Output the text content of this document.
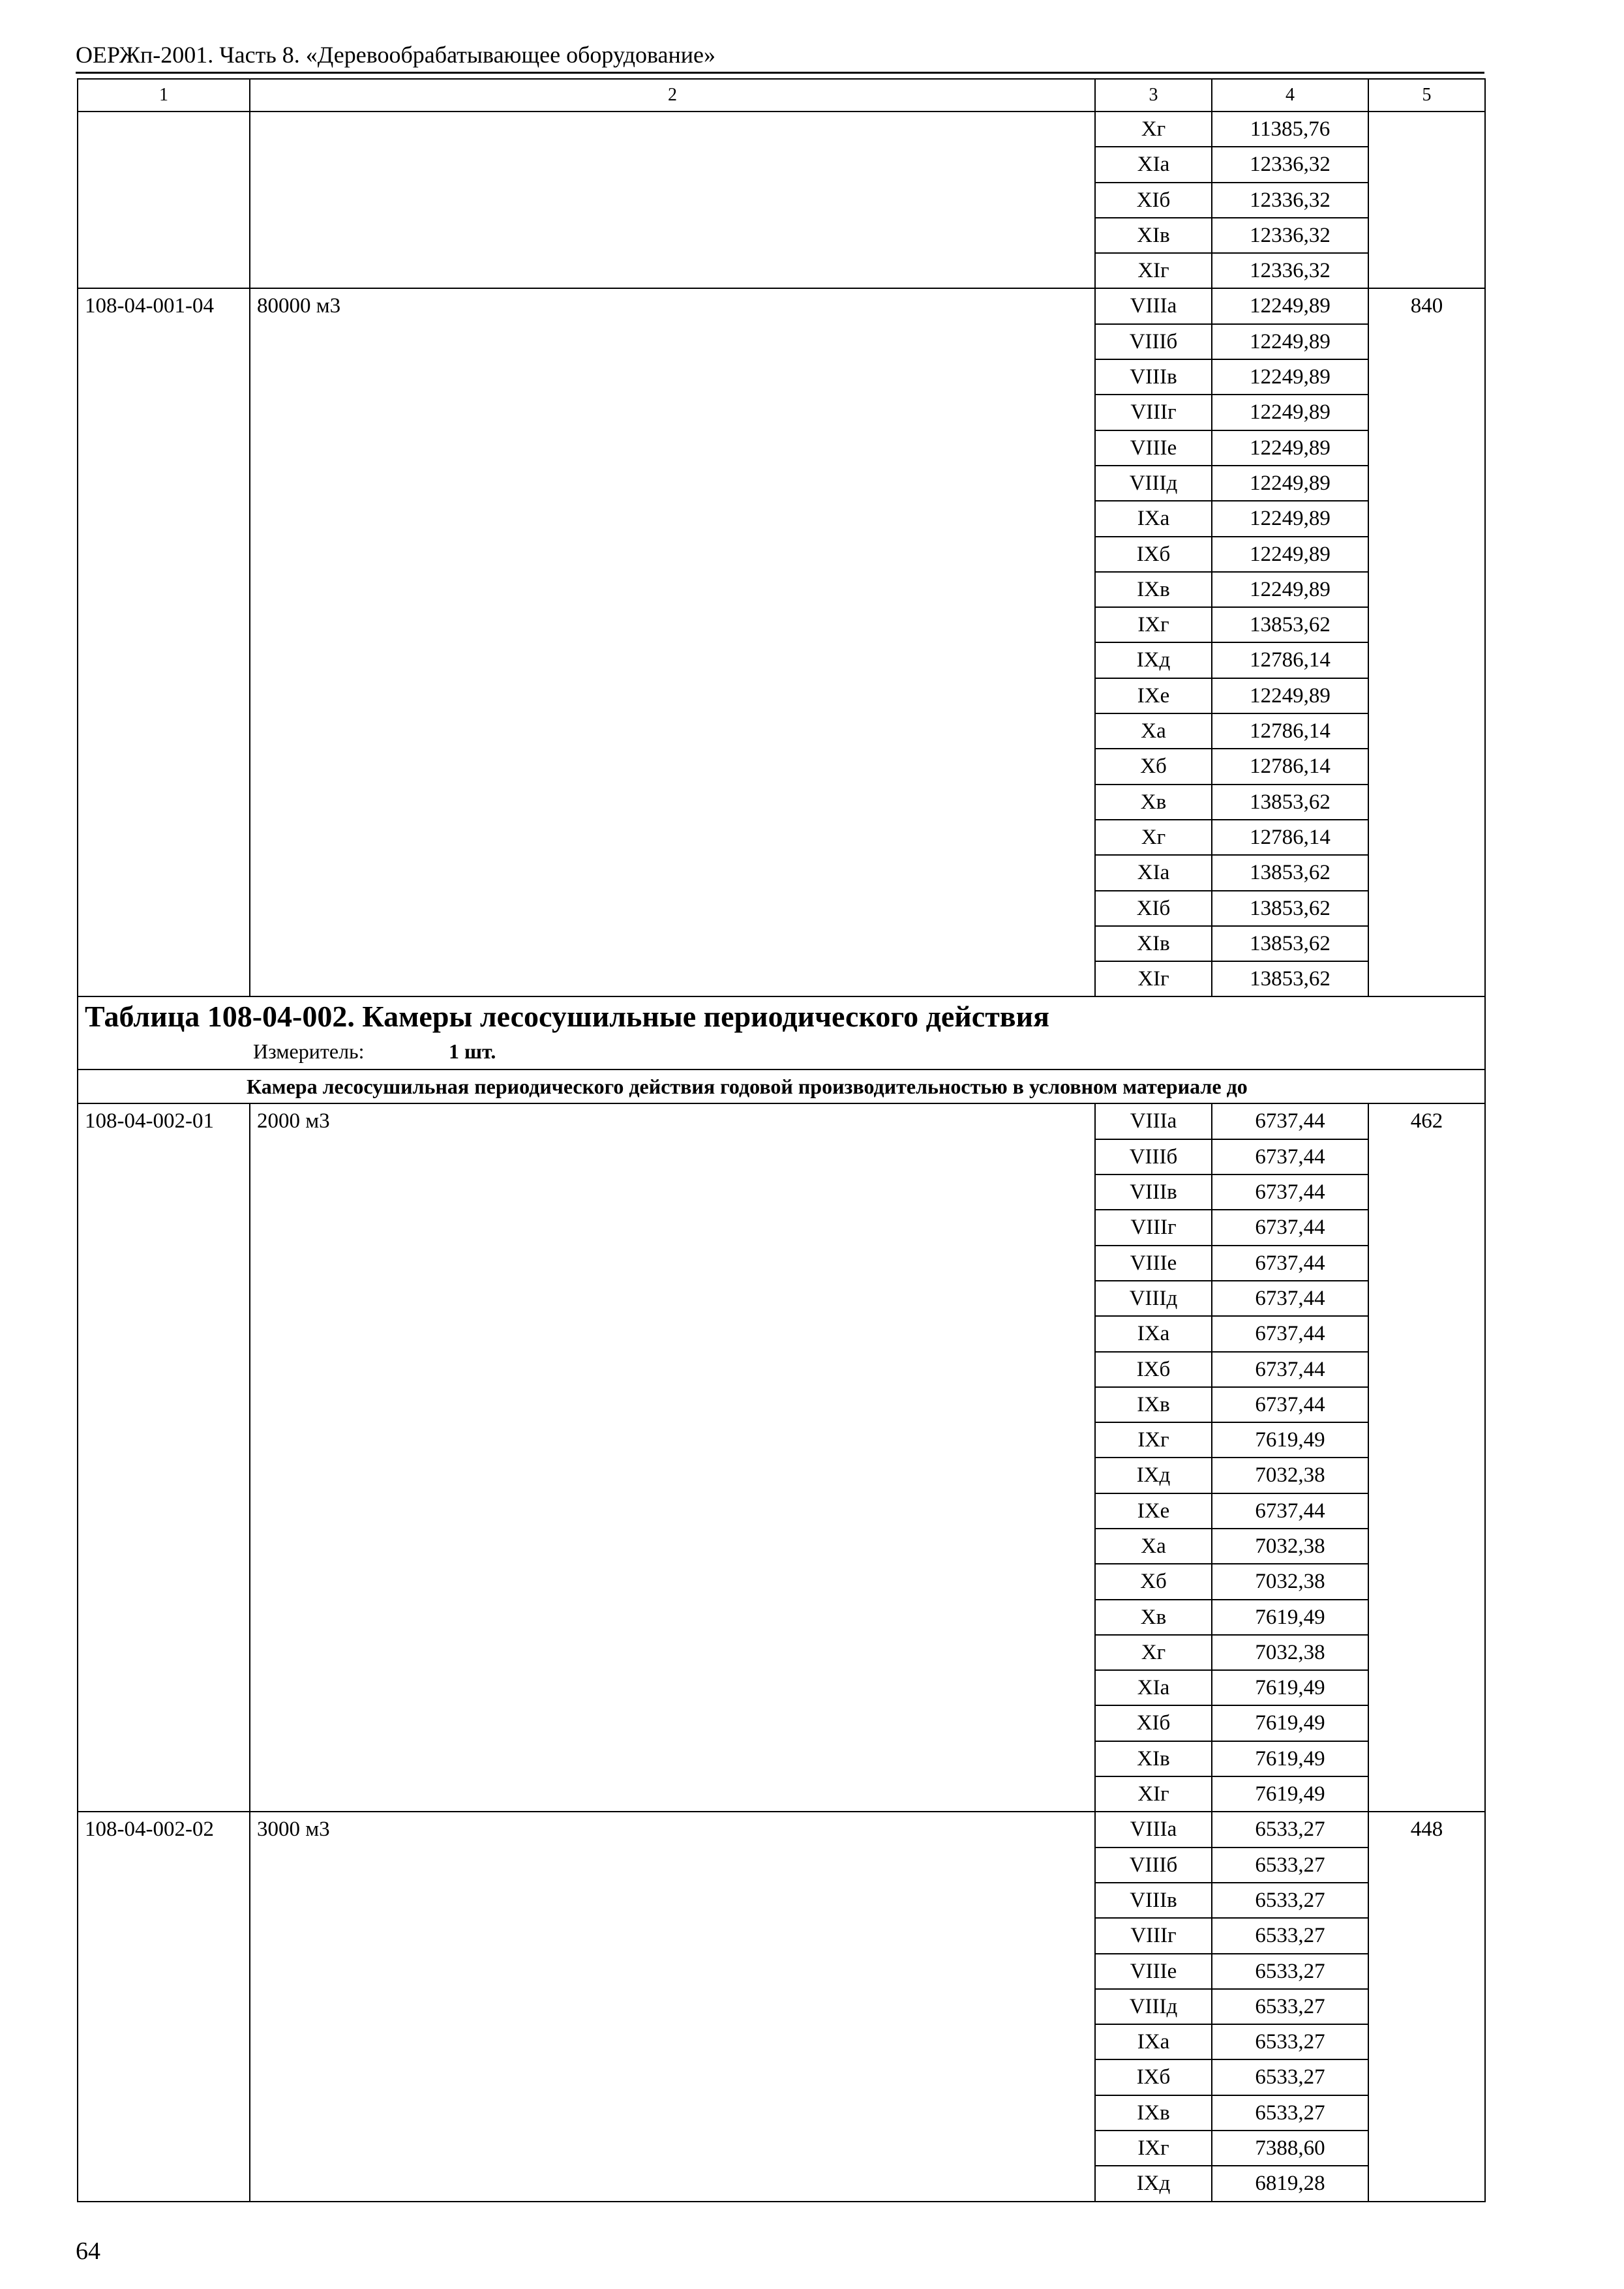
ОЕРЖп-2001. Часть 8. «Деревообрабатывающее оборудование»
1	2	3	4	5
		Xг	11385,76	
		XIа	12336,32	
		XIб	12336,32	
		XIв	12336,32	
		XIг	12336,32	
108-04-001-04	80000 м3	VIIIа	12249,89	840
		VIIIб	12249,89	
		VIIIв	12249,89	
		VIIIг	12249,89	
		VIIIе	12249,89	
		VIIIд	12249,89	
		IXа	12249,89	
		IXб	12249,89	
		IXв	12249,89	
		IXг	13853,62	
		IXд	12786,14	
		IXе	12249,89	
		Xа	12786,14	
		Xб	12786,14	
		Xв	13853,62	
		Xг	12786,14	
		XIа	13853,62	
		XIб	13853,62	
		XIв	13853,62	
		XIг	13853,62	
Таблица 108-04-002. Камеры лесосушильные периодического действия				
Измеритель: 1 шт.				
Камера лесосушильная периодического действия годовой производительностью в условном материале до				
108-04-002-01	2000 м3	VIIIа	6737,44	462
		VIIIб	6737,44	
		VIIIв	6737,44	
		VIIIг	6737,44	
		VIIIе	6737,44	
		VIIIд	6737,44	
		IXа	6737,44	
		IXб	6737,44	
		IXв	6737,44	
		IXг	7619,49	
		IXд	7032,38	
		IXе	6737,44	
		Xа	7032,38	
		Xб	7032,38	
		Xв	7619,49	
		Xг	7032,38	
		XIа	7619,49	
		XIб	7619,49	
		XIв	7619,49	
		XIг	7619,49	
108-04-002-02	3000 м3	VIIIа	6533,27	448
		VIIIб	6533,27	
		VIIIв	6533,27	
		VIIIг	6533,27	
		VIIIе	6533,27	
		VIIIд	6533,27	
		IXа	6533,27	
		IXб	6533,27	
		IXв	6533,27	
		IXг	7388,60	
		IXд	6819,28	
64
